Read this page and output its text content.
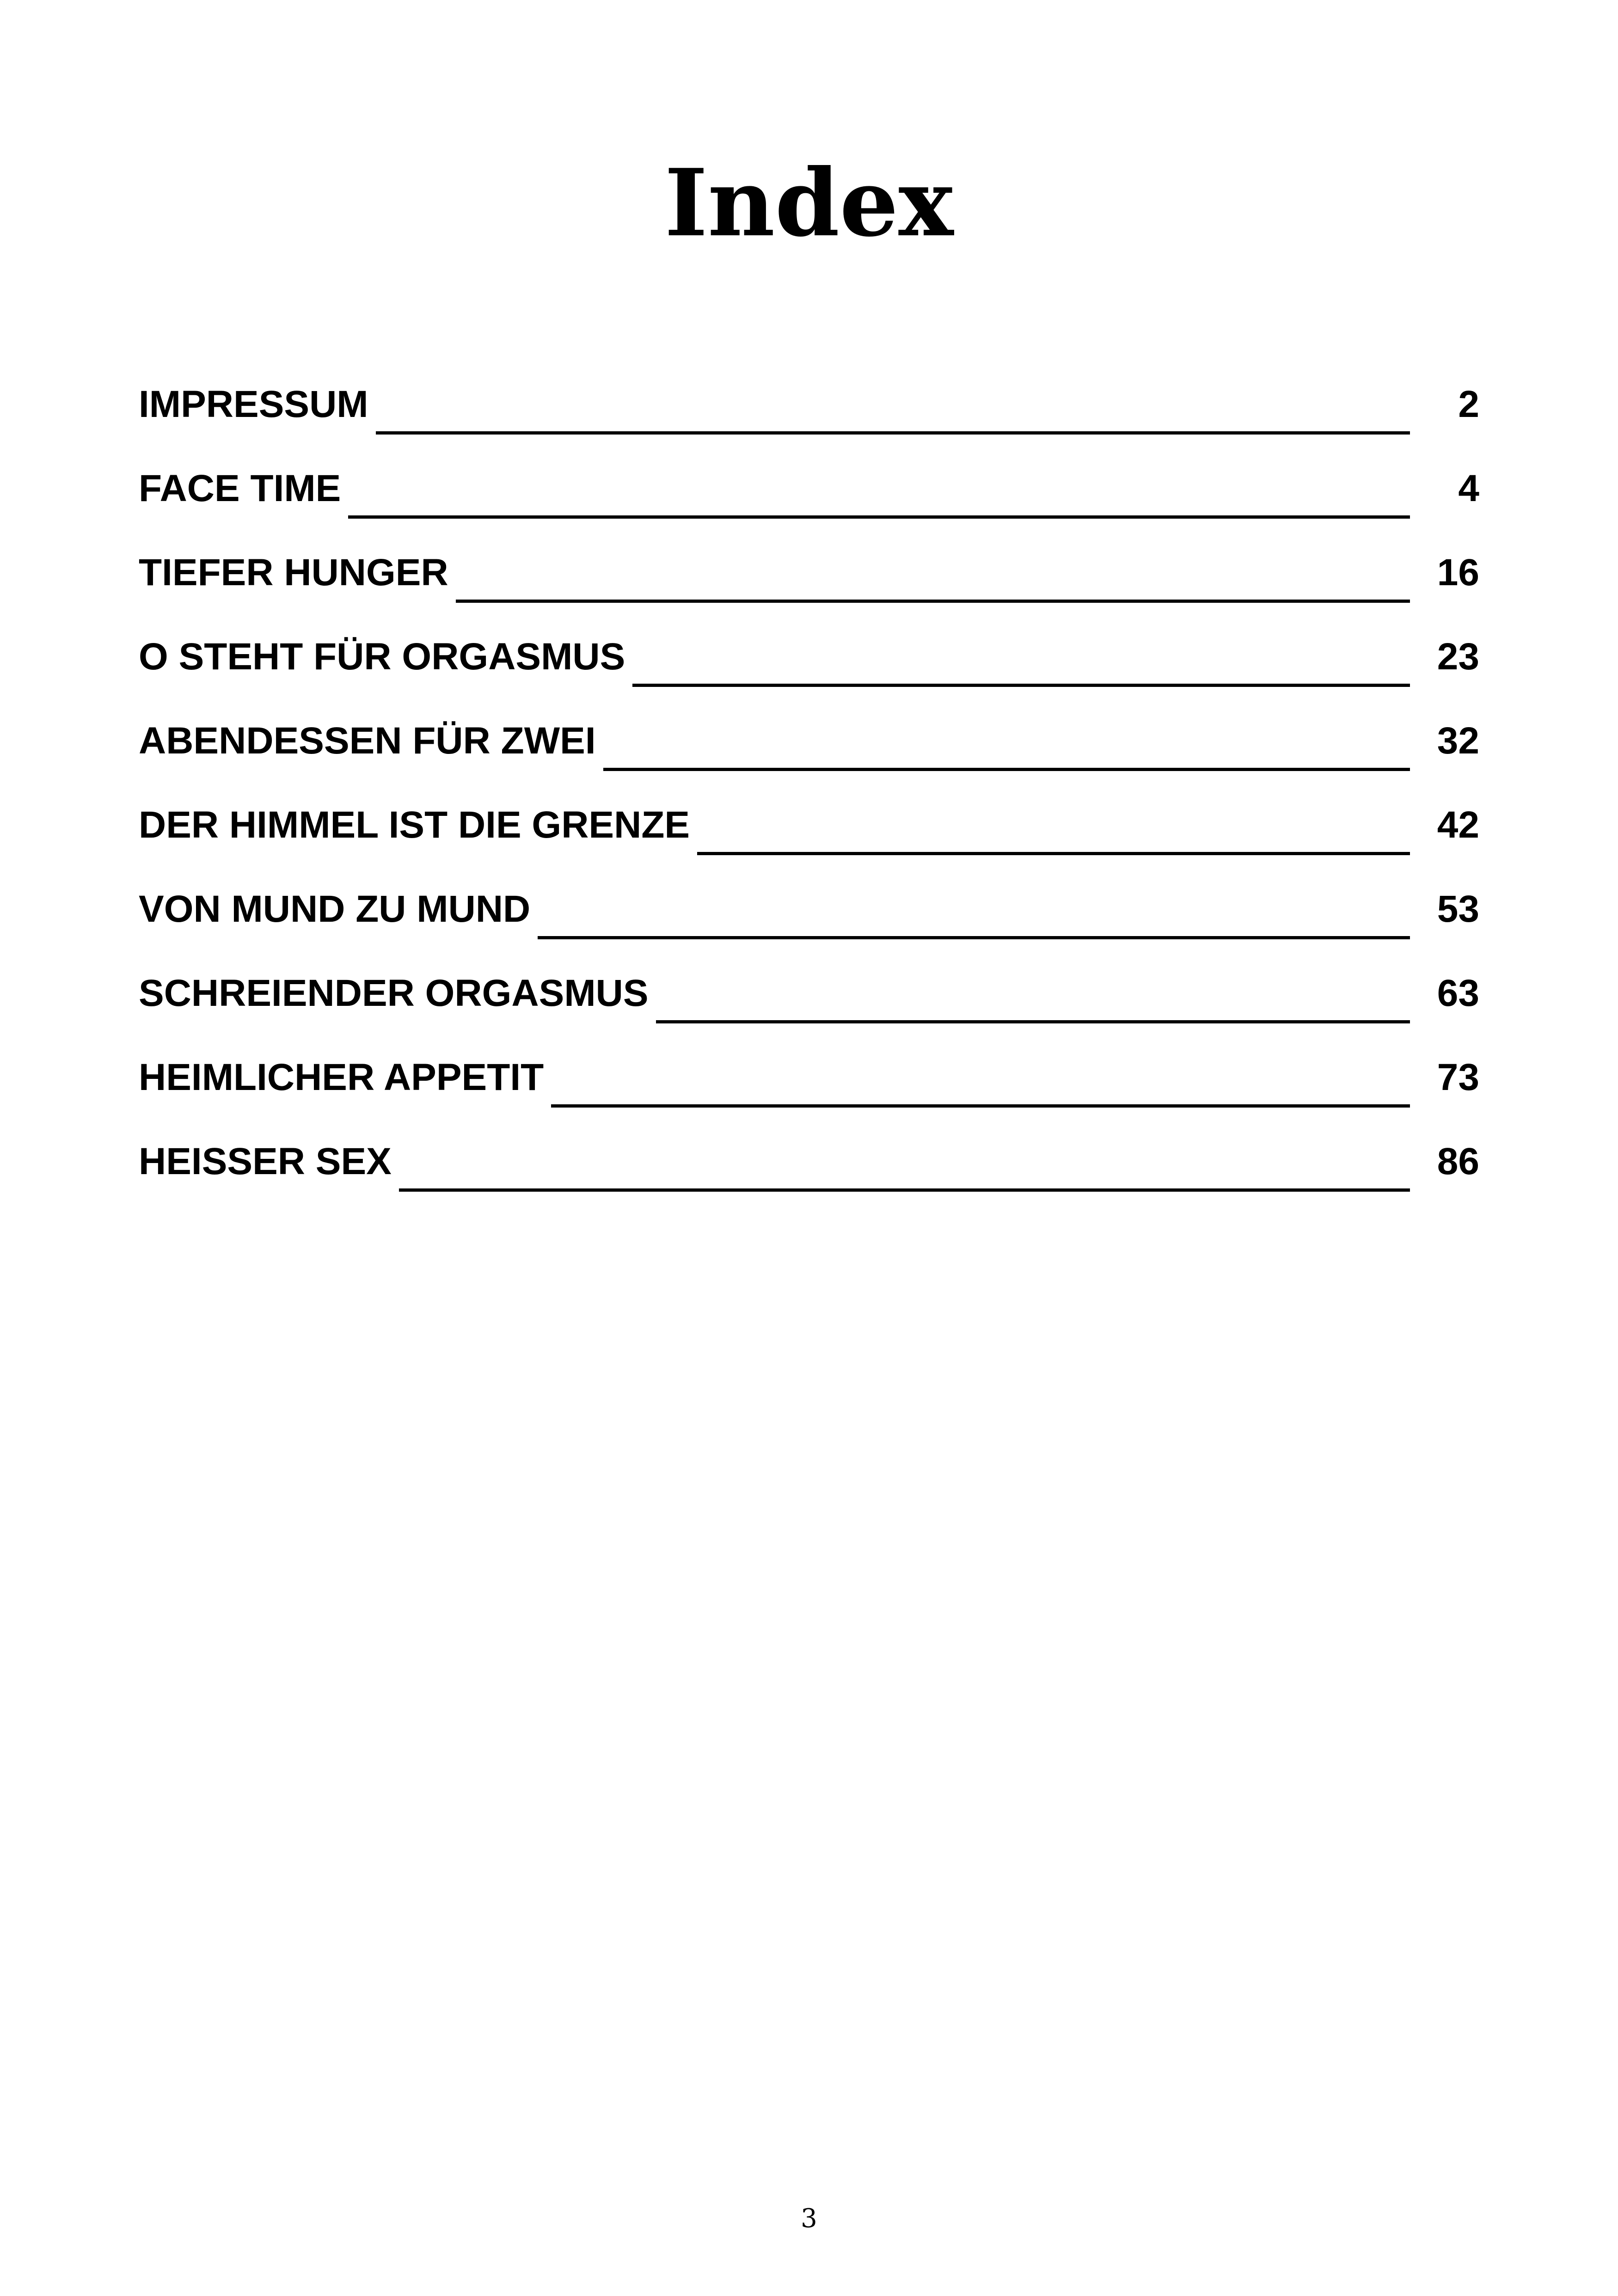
Index
IMPRESSUM	2
FACE TIME	4
TIEFER HUNGER	16
O STEHT FÜR ORGASMUS	23
ABENDESSEN FÜR ZWEI	32
DER HIMMEL IST DIE GRENZE	42
VON MUND ZU MUND	53
SCHREIENDER ORGASMUS	63
HEIMLICHER APPETIT	73
HEISSER SEX	86
3
